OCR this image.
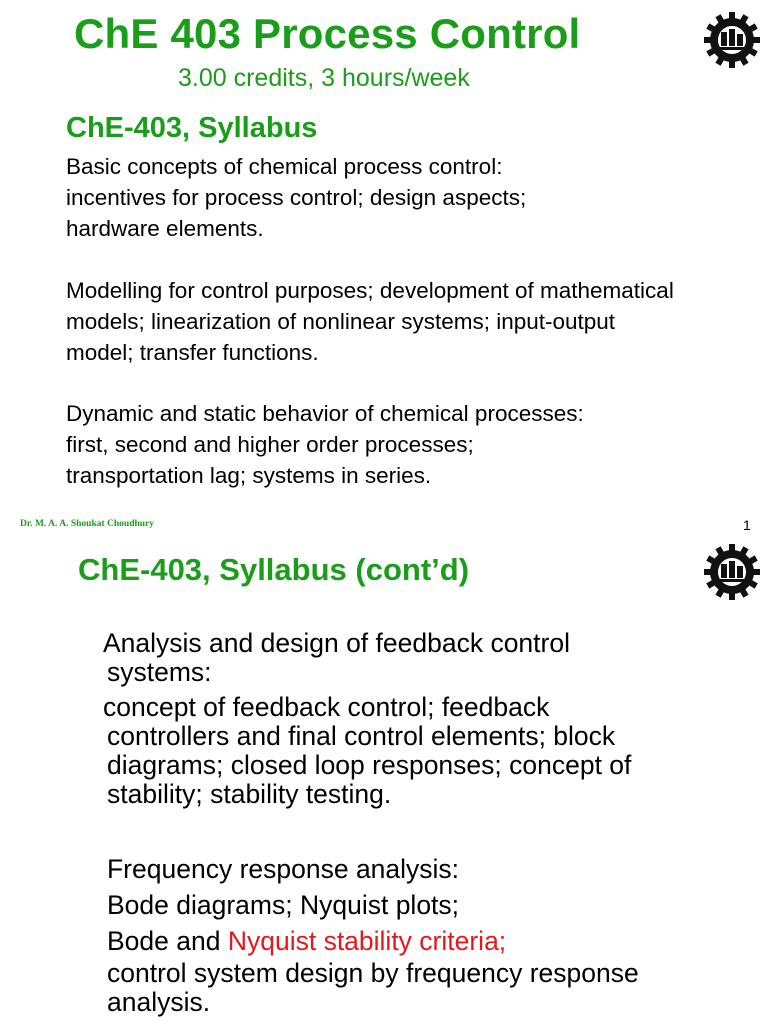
ChE 403 Process Control
3.00 credits, 3 hours/week
ChE-403, Syllabus
Basic concepts of chemical process control:
incentives for process control; design aspects;
hardware elements.
Modelling for control purposes; development of mathematical
models; linearization of nonlinear systems; input-output
model; transfer functions.
Dynamic and static behavior of chemical processes:
first, second and higher order processes;
transportation lag; systems in series.
Dr. M. A. A. Shoukat Choudhury	1
ChE-403, Syllabus (cont’d)
Analysis and design of feedback control
systems:
concept of feedback control; feedback
controllers and final control elements; block
diagrams; closed loop responses; concept of
stability; stability testing.
Frequency response analysis:
Bode diagrams; Nyquist plots;
Bode and Nyquist stability criteria;
control system design by frequency response
analysis.
